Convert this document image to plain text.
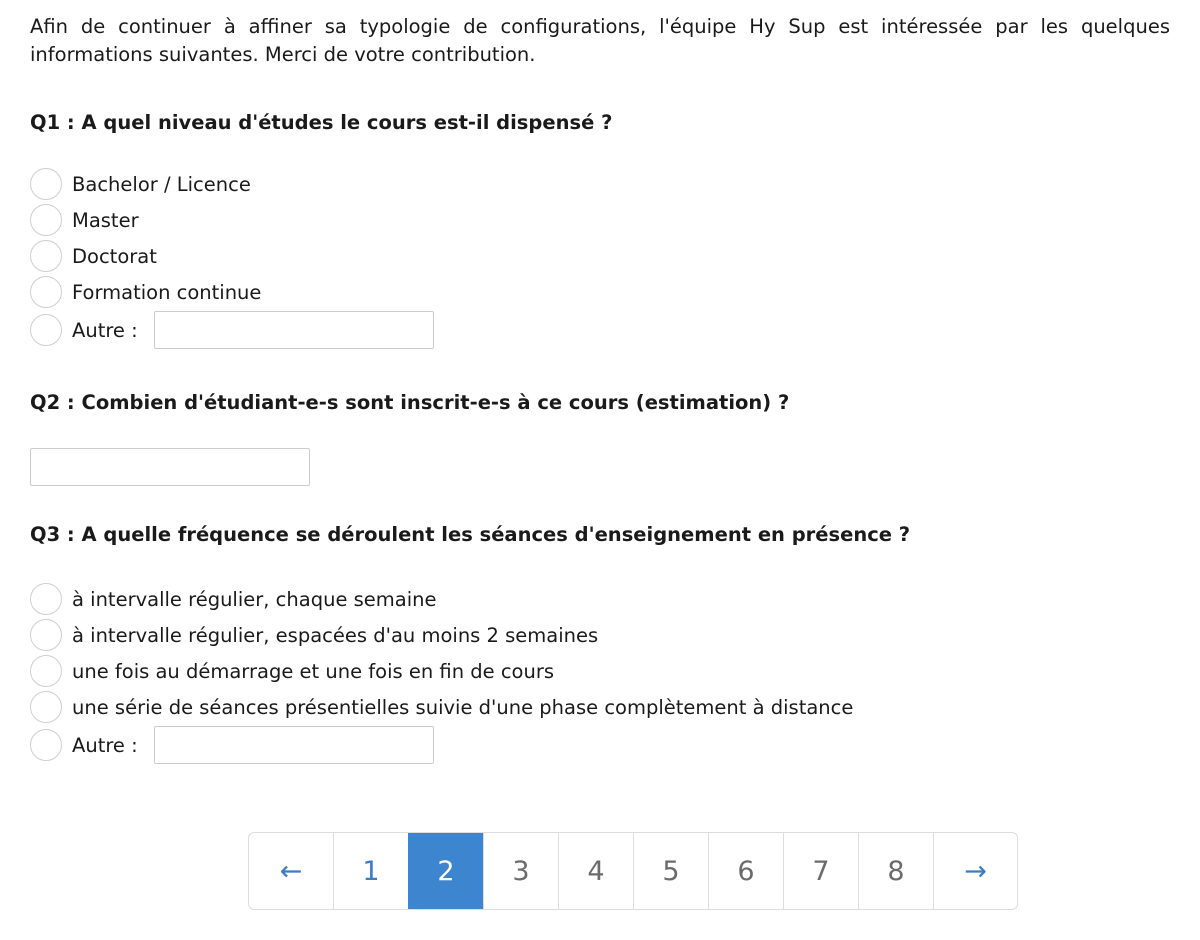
Afin de continuer à affiner sa typologie de configurations, l'équipe Hy Sup est intéressée par les quelques informations suivantes. Merci de votre contribution.

Q1 : A quel niveau d'études le cours est-il dispensé ?
Bachelor / Licence
Master
Doctorat
Formation continue
Autre :
Q2 : Combien d'étudiant-e-s sont inscrit-e-s à ce cours (estimation) ?
Q3 : A quelle fréquence se déroulent les séances d'enseignement en présence ?
à intervalle régulier, chaque semaine
à intervalle régulier, espacées d'au moins 2 semaines
une fois au démarrage et une fois en fin de cours
une série de séances présentielles suivie d'une phase complètement à distance
Autre :
←	1	2	3	4	5	6	7	8	→
